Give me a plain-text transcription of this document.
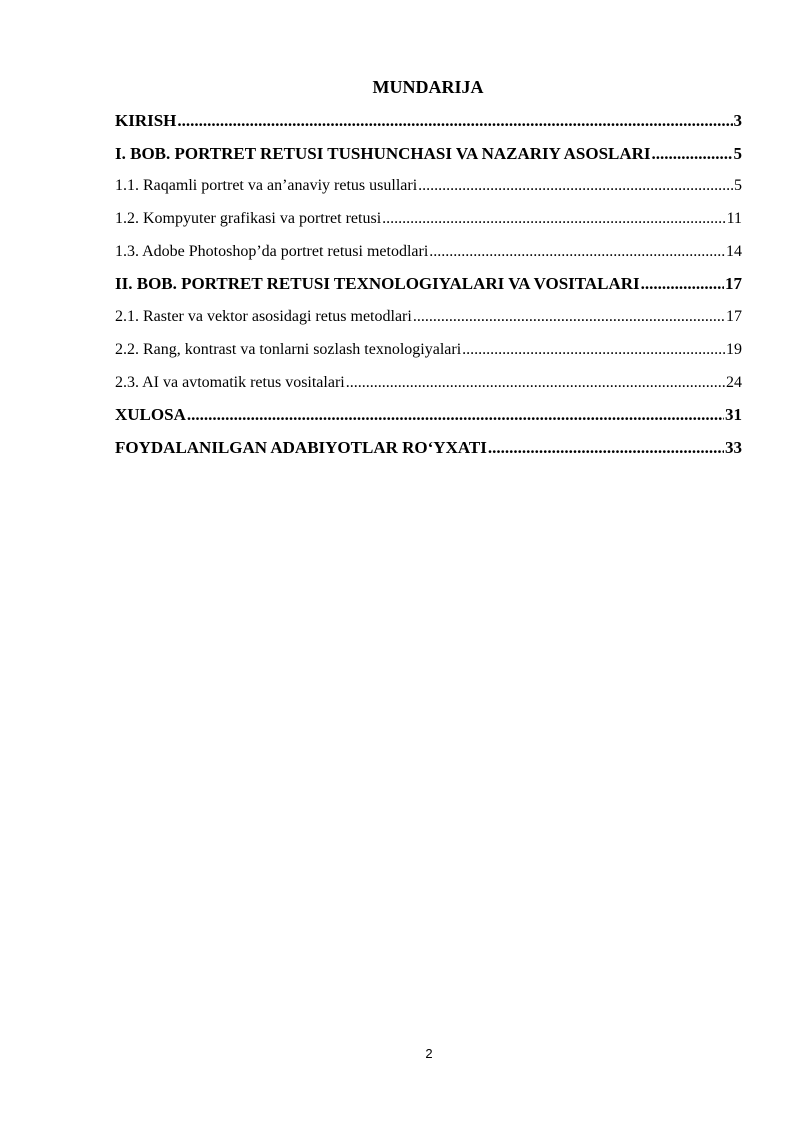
MUNDARIJA
KIRISH .....	3
I. BOB. PORTRET RETUSI TUSHUNCHASI VA NAZARIY ASOSLARI .....	5
1.1. Raqamli portret va an’anaviy retus usullari .....	5
1.2. Kompyuter grafikasi va portret retusi .....	11
1.3. Adobe Photoshop’da portret retusi metodlari .....	14
II. BOB. PORTRET RETUSI TEXNOLOGIYALARI VA VOSITALARI .....	17
2.1. Raster va vektor asosidagi retus metodlari .....	17
2.2. Rang, kontrast va tonlarni sozlash texnologiyalari .....	19
2.3. AI va avtomatik retus vositalari .....	24
XULOSA .....	31
FOYDALANILGAN ADABIYOTLAR RO‘YXATI .....	33
2
